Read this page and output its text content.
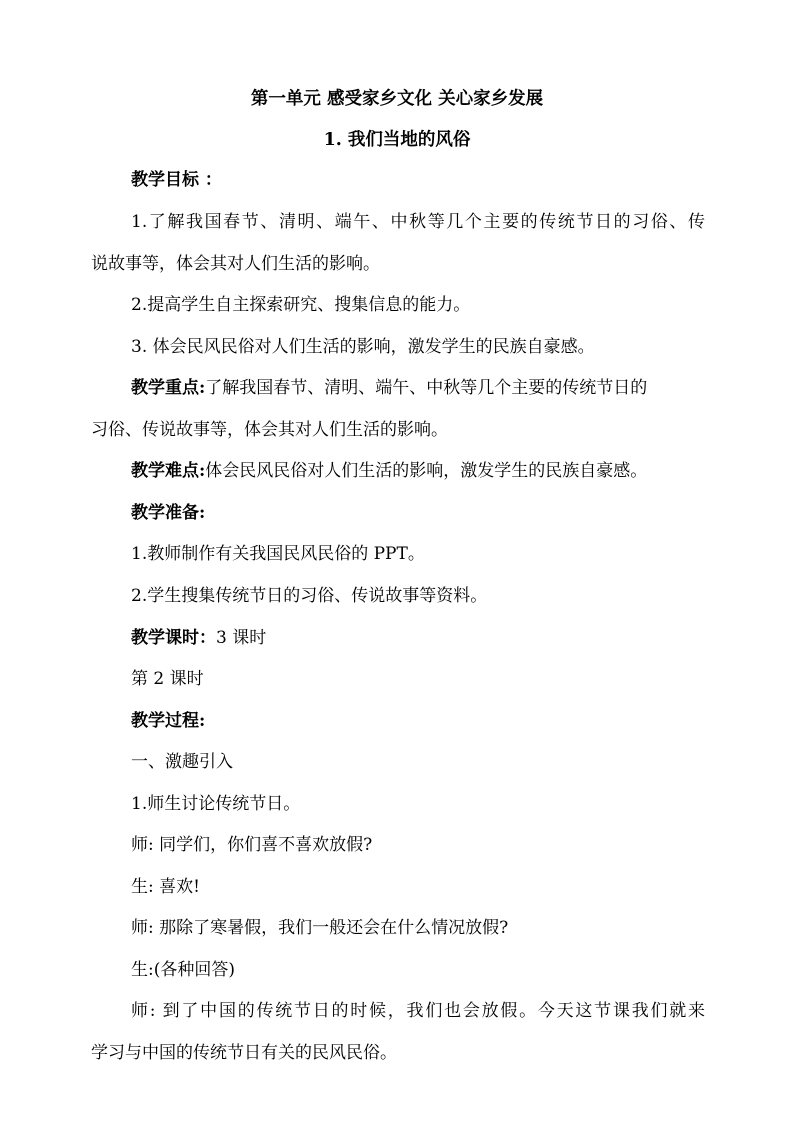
第一单元 感受家乡文化 关心家乡发展
1. 我们当地的风俗
教学目标 ：
1.了解我国春节、清明、端午、中秋等几个主要的传统节日的习俗、传
说故事等，体会其对人们生活的影响。
2.提高学生自主探索研究、搜集信息的能力。
3. 体会民风民俗对人们生活的影响，激发学生的民族自豪感。
教学重点:了解我国春节、清明、端午、中秋等几个主要的传统节日的
习俗、传说故事等，体会其对人们生活的影响。
教学难点:体会民风民俗对人们生活的影响，激发学生的民族自豪感。
教学准备:
1.教师制作有关我国民风民俗的 PPT。
2.学生搜集传统节日的习俗、传说故事等资料。
教学课时：3 课时
第 2 课时
教学过程:
一、激趣引入
1.师生讨论传统节日。
师: 同学们，你们喜不喜欢放假?
生: 喜欢!
师: 那除了寒暑假，我们一般还会在什么情况放假?
生:(各种回答)
师: 到了中国的传统节日的时候，我们也会放假。今天这节课我们就来
学习与中国的传统节日有关的民风民俗。
